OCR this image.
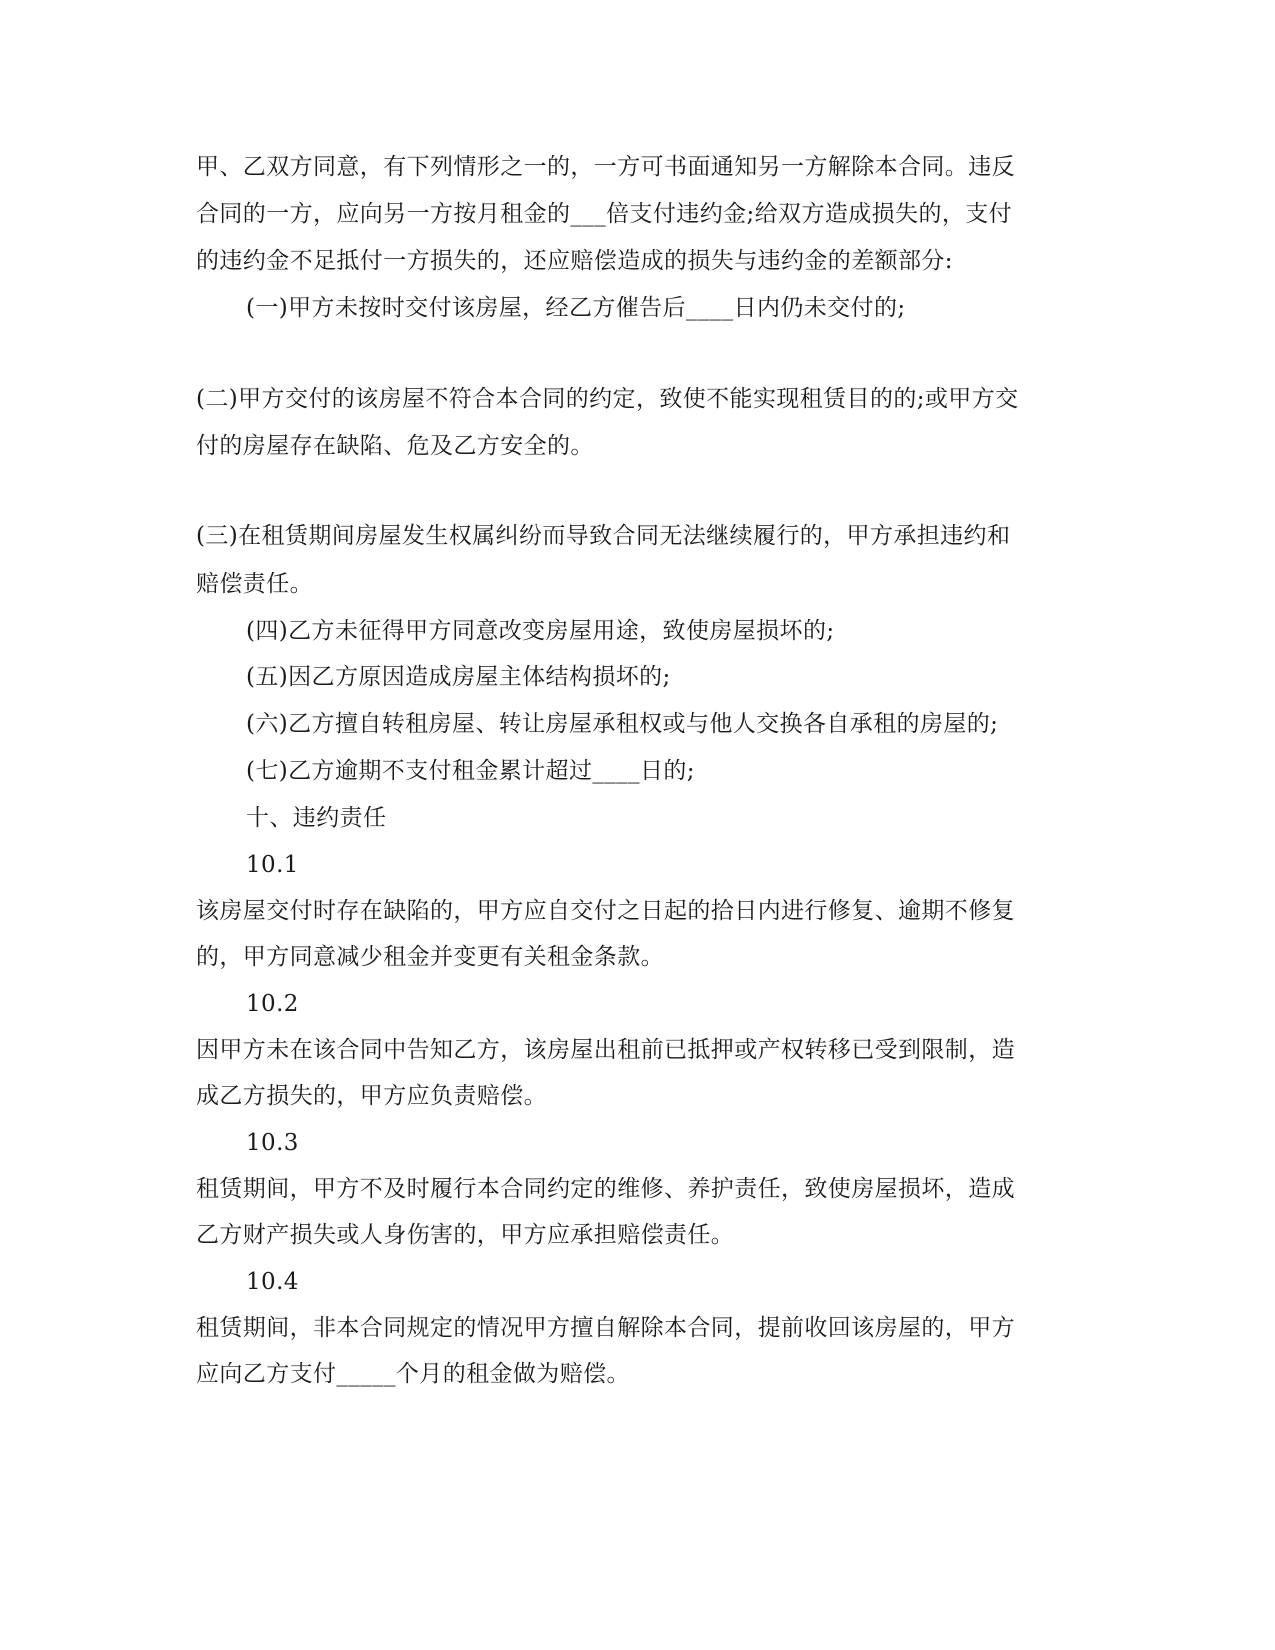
甲、乙双方同意，有下列情形之一的，一方可书面通知另一方解除本合同。违反
合同的一方，应向另一方按月租金的___倍支付违约金;给双方造成损失的，支付
的违约金不足抵付一方损失的，还应赔偿造成的损失与违约金的差额部分:
(一)甲方未按时交付该房屋，经乙方催告后____日内仍未交付的;
(二)甲方交付的该房屋不符合本合同的约定，致使不能实现租赁目的的;或甲方交
付的房屋存在缺陷、危及乙方安全的。
(三)在租赁期间房屋发生权属纠纷而导致合同无法继续履行的，甲方承担违约和
赔偿责任。
(四)乙方未征得甲方同意改变房屋用途，致使房屋损坏的;
(五)因乙方原因造成房屋主体结构损坏的;
(六)乙方擅自转租房屋、转让房屋承租权或与他人交换各自承租的房屋的;
(七)乙方逾期不支付租金累计超过____日的;
十、违约责任
10.1
该房屋交付时存在缺陷的，甲方应自交付之日起的拾日内进行修复、逾期不修复
的，甲方同意减少租金并变更有关租金条款。
10.2
因甲方未在该合同中告知乙方，该房屋出租前已抵押或产权转移已受到限制，造
成乙方损失的，甲方应负责赔偿。
10.3
租赁期间，甲方不及时履行本合同约定的维修、养护责任，致使房屋损坏，造成
乙方财产损失或人身伤害的，甲方应承担赔偿责任。
10.4
租赁期间，非本合同规定的情况甲方擅自解除本合同，提前收回该房屋的，甲方
应向乙方支付_____个月的租金做为赔偿。
